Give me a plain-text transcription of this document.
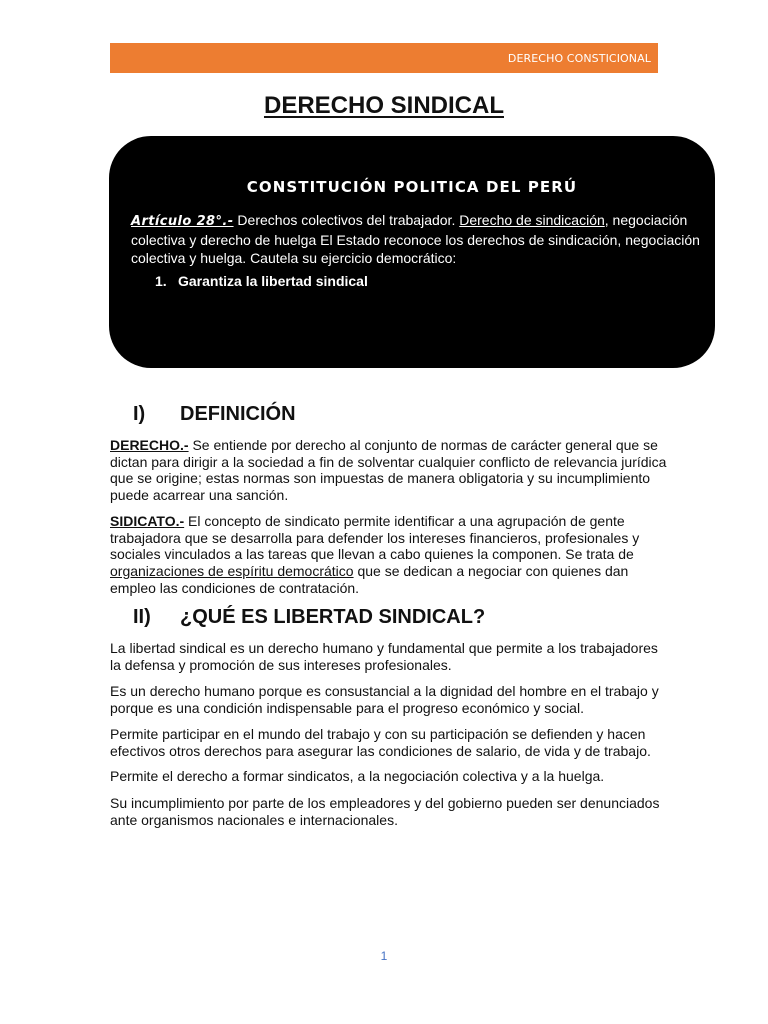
DERECHO CONSTICIONAL
DERECHO SINDICAL
CONSTITUCIÓN POLITICA DEL PERÚ

Artículo 28°.- Derechos colectivos del trabajador. Derecho de sindicación, negociación colectiva y derecho de huelga El Estado reconoce los derechos de sindicación, negociación colectiva y huelga. Cautela su ejercicio democrático:

1. Garantiza la libertad sindical
I)	DEFINICIÓN

DERECHO.- Se entiende por derecho al conjunto de normas de carácter general que se dictan para dirigir a la sociedad a fin de solventar cualquier conflicto de relevancia jurídica que se origine; estas normas son impuestas de manera obligatoria y su incumplimiento puede acarrear una sanción.

SIDICATO.- El concepto de sindicato permite identificar a una agrupación de gente trabajadora que se desarrolla para defender los intereses financieros, profesionales y sociales vinculados a las tareas que llevan a cabo quienes la componen. Se trata de organizaciones de espíritu democrático que se dedican a negociar con quienes dan empleo las condiciones de contratación.

II)	¿QUÉ ES LIBERTAD SINDICAL?

La libertad sindical es un derecho humano y fundamental que permite a los trabajadores la defensa y promoción de sus intereses profesionales.

Es un derecho humano porque es consustancial a la dignidad del hombre en el trabajo y porque es una condición indispensable para el progreso económico y social.

Permite participar en el mundo del trabajo y con su participación se defienden y hacen efectivos otros derechos para asegurar las condiciones de salario, de vida y de trabajo.

Permite el derecho a formar sindicatos, a la negociación colectiva y a la huelga.

Su incumplimiento por parte de los empleadores y del gobierno pueden ser denunciados ante organismos nacionales e internacionales.

1
